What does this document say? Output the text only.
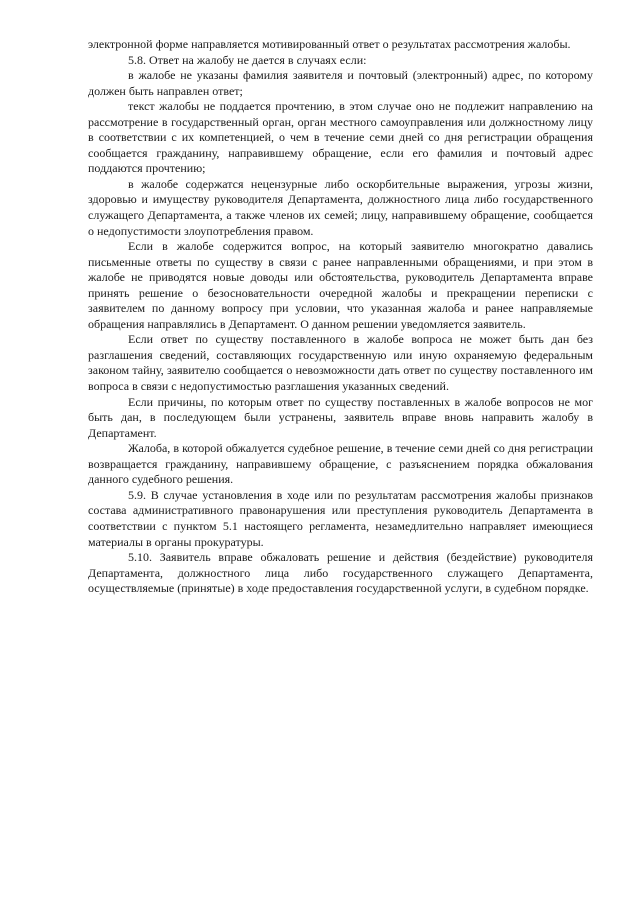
электронной форме направляется мотивированный ответ о результатах рассмотрения жалобы.

5.8. Ответ на жалобу не дается в случаях если:

в жалобе не указаны фамилия заявителя и почтовый (электронный) адрес, по которому должен быть направлен ответ;

текст жалобы не поддается прочтению, в этом случае оно не подлежит направлению на рассмотрение в государственный орган, орган местного самоуправления или должностному лицу в соответствии с их компетенцией, о чем в течение семи дней со дня регистрации обращения сообщается гражданину, направившему обращение, если его фамилия и почтовый адрес поддаются прочтению;

в жалобе содержатся нецензурные либо оскорбительные выражения, угрозы жизни, здоровью и имуществу руководителя Департамента, должностного лица либо государственного служащего Департамента, а также членов их семей; лицу, направившему обращение, сообщается о недопустимости злоупотребления правом.

Если в жалобе содержится вопрос, на который заявителю многократно давались письменные ответы по существу в связи с ранее направленными обращениями, и при этом в жалобе не приводятся новые доводы или обстоятельства, руководитель Департамента вправе принять решение о безосновательности очередной жалобы и прекращении переписки с заявителем по данному вопросу при условии, что указанная жалоба и ранее направляемые обращения направлялись в Департамент. О данном решении уведомляется заявитель.

Если ответ по существу поставленного в жалобе вопроса не может быть дан без разглашения сведений, составляющих государственную или иную охраняемую федеральным законом тайну, заявителю сообщается о невозможности дать ответ по существу поставленного им вопроса в связи с недопустимостью разглашения указанных сведений.

Если причины, по которым ответ по существу поставленных в жалобе вопросов не мог быть дан, в последующем были устранены, заявитель вправе вновь направить жалобу в Департамент.

Жалоба, в которой обжалуется судебное решение, в течение семи дней со дня регистрации возвращается гражданину, направившему обращение, с разъяснением порядка обжалования данного судебного решения.

5.9. В случае установления в ходе или по результатам рассмотрения жалобы признаков состава административного правонарушения или преступления руководитель Департамента в соответствии с пунктом 5.1 настоящего регламента, незамедлительно направляет имеющиеся материалы в органы прокуратуры.

5.10. Заявитель вправе обжаловать решение и действия (бездействие) руководителя Департамента, должностного лица либо государственного служащего Департамента, осуществляемые (принятые) в ходе предоставления государственной услуги, в судебном порядке.
